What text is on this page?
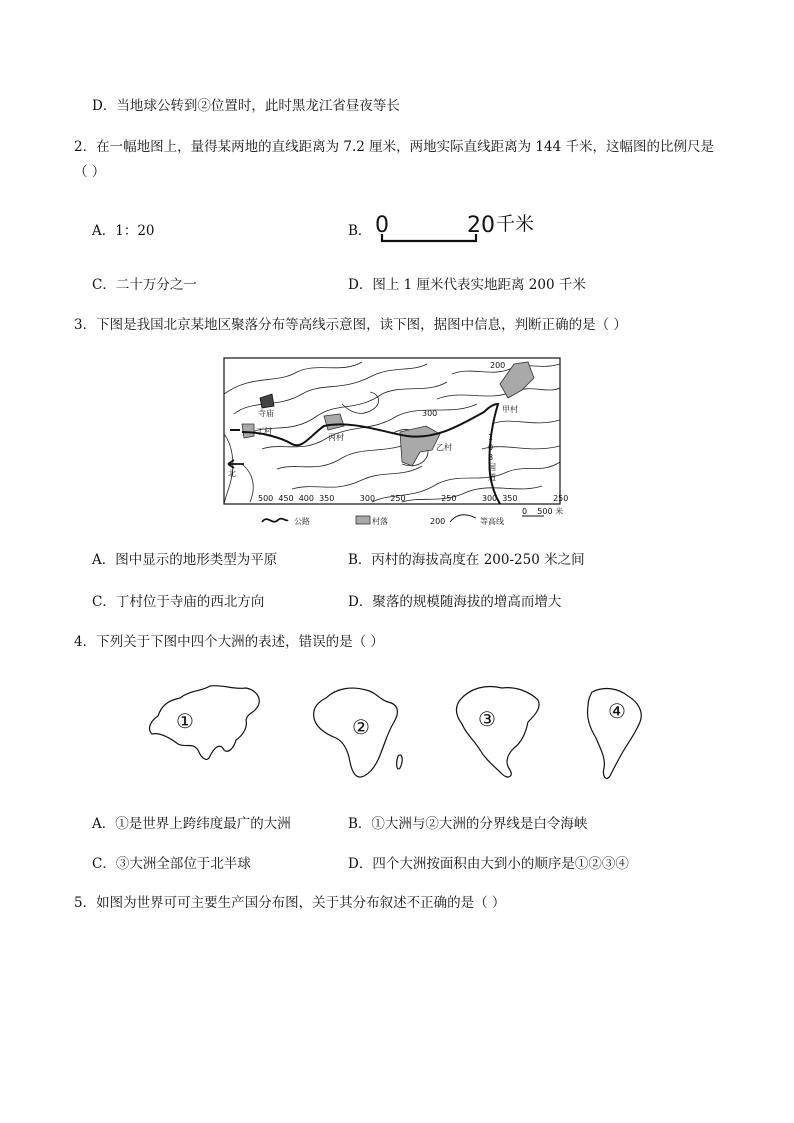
D．当地球公转到②位置时，此时黑龙江省昼夜等长
2．在一幅地图上，量得某两地的直线距离为 7.2 厘米，两地实际直线距离为 144 千米，这幅图的比例尺是
（ ）
A．1：20	B． 0	20 千米
C．二十万分之一	D．图上 1 厘米代表实地距离 200 千米
3．下图是我国北京某地区聚落分布等高线示意图，读下图，据图中信息，判断正确的是（ ）
寺庙
丁村
丙村
乙村
甲村
北
200
300
1
0
8
国
道
500  450  400  350          300      250              250          300  350              250
0    500 米
公路	村落	200	等高线
A．图中显示的地形类型为平原	B．丙村的海拔高度在 200-250 米之间
C．丁村位于寺庙的西北方向	D．聚落的规模随海拔的增高而增大
4．下列关于下图中四个大洲的表述，错误的是（ ）
①	②	③	④
A．①是世界上跨纬度最广的大洲	B．①大洲与②大洲的分界线是白令海峡
C．③大洲全部位于北半球	D．四个大洲按面积由大到小的顺序是①②③④
5．如图为世界可可主要生产国分布图，关于其分布叙述不正确的是（ ）
